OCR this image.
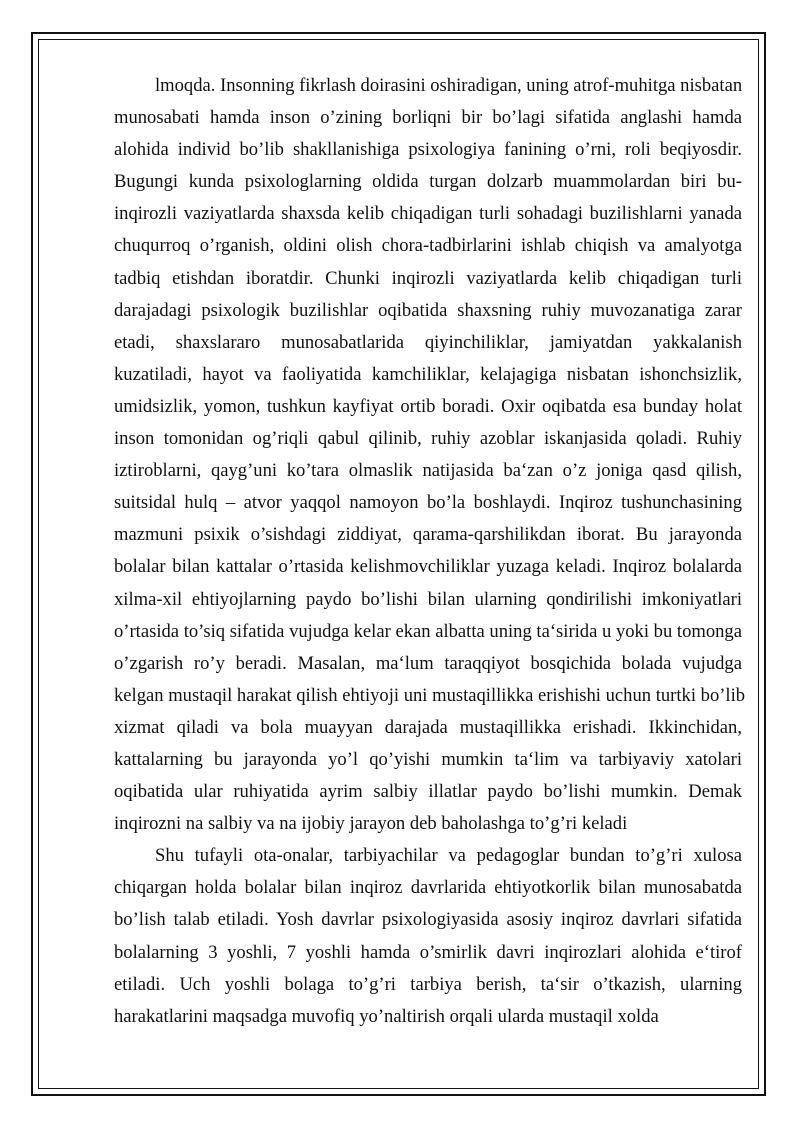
lmoqda. Insonning fikrlash doirasini oshiradigan, uning atrof-muhitga nisbatan
munosabati hamda inson o’zining borliqni bir bo’lagi sifatida anglashi hamda
alohida individ bo’lib shakllanishiga psixologiya fanining o’rni, roli beqiyosdir.
Bugungi kunda psixologlarning oldida turgan dolzarb muammolardan biri bu-
inqirozli vaziyatlarda shaxsda kelib chiqadigan turli sohadagi buzilishlarni yanada
chuqurroq o’rganish, oldini olish chora-tadbirlarini ishlab chiqish va amalyotga
tadbiq etishdan iboratdir. Chunki inqirozli vaziyatlarda kelib chiqadigan turli
darajadagi psixologik buzilishlar oqibatida shaxsning ruhiy muvozanatiga zarar
etadi, shaxslararo munosabatlarida qiyinchiliklar, jamiyatdan yakkalanish
kuzatiladi, hayot va faoliyatida kamchiliklar, kelajagiga nisbatan ishonchsizlik,
umidsizlik, yomon, tushkun kayfiyat ortib boradi. Oxir oqibatda esa bunday holat
inson tomonidan og’riqli qabul qilinib, ruhiy azoblar iskanjasida qoladi. Ruhiy
iztiroblarni, qayg’uni ko’tara olmaslik natijasida ba‘zan o’z joniga qasd qilish,
suitsidal hulq – atvor yaqqol namoyon bo’la boshlaydi. Inqiroz tushunchasining
mazmuni psixik o’sishdagi ziddiyat, qarama-qarshilikdan iborat. Bu jarayonda
bolalar bilan kattalar o’rtasida kelishmovchiliklar yuzaga keladi. Inqiroz bolalarda
xilma-xil ehtiyojlarning paydo bo’lishi bilan ularning qondirilishi imkoniyatlari
o’rtasida to’siq sifatida vujudga kelar ekan albatta uning ta‘sirida u yoki bu tomonga
o’zgarish ro’y beradi. Masalan, ma‘lum taraqqiyot bosqichida bolada vujudga
kelgan mustaqil harakat qilish ehtiyoji uni mustaqillikka erishishi uchun turtki bo’lib
xizmat qiladi va bola muayyan darajada mustaqillikka erishadi. Ikkinchidan,
kattalarning bu jarayonda yo’l qo’yishi mumkin ta‘lim va tarbiyaviy xatolari
oqibatida ular ruhiyatida ayrim salbiy illatlar paydo bo’lishi mumkin. Demak
inqirozni na salbiy va na ijobiy jarayon deb baholashga to’g’ri keladi

Shu tufayli ota-onalar, tarbiyachilar va pedagoglar bundan to’g’ri xulosa
chiqargan holda bolalar bilan inqiroz davrlarida ehtiyotkorlik bilan munosabatda
bo’lish talab etiladi. Yosh davrlar psixologiyasida asosiy inqiroz davrlari sifatida
bolalarning 3 yoshli, 7 yoshli hamda o’smirlik davri inqirozlari alohida e‘tirof
etiladi. Uch yoshli bolaga to’g’ri tarbiya berish, ta‘sir o’tkazish, ularning
harakatlarini maqsadga muvofiq yo’naltirish orqali ularda mustaqil xolda
